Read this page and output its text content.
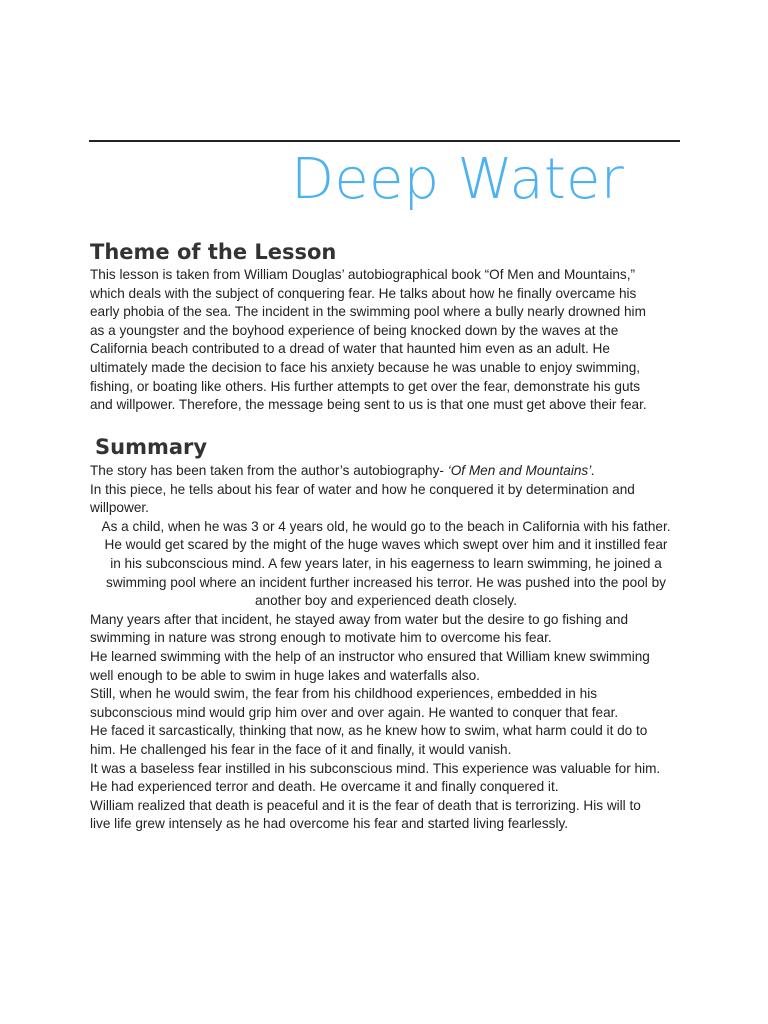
Deep Water
Theme of the Lesson
This lesson is taken from William Douglas’ autobiographical book “Of Men and Mountains,”
which deals with the subject of conquering fear. He talks about how he finally overcame his
early phobia of the sea. The incident in the swimming pool where a bully nearly drowned him
as a youngster and the boyhood experience of being knocked down by the waves at the
California beach contributed to a dread of water that haunted him even as an adult. He
ultimately made the decision to face his anxiety because he was unable to enjoy swimming,
fishing, or boating like others. His further attempts to get over the fear, demonstrate his guts
and willpower. Therefore, the message being sent to us is that one must get above their fear.
Summary
The story has been taken from the author’s autobiography- ‘Of Men and Mountains’.
In this piece, he tells about his fear of water and how he conquered it by determination and
willpower.
As a child, when he was 3 or 4 years old, he would go to the beach in California with his father.
He would get scared by the might of the huge waves which swept over him and it instilled fear
in his subconscious mind. A few years later, in his eagerness to learn swimming, he joined a
swimming pool where an incident further increased his terror. He was pushed into the pool by
another boy and experienced death closely.
Many years after that incident, he stayed away from water but the desire to go fishing and
swimming in nature was strong enough to motivate him to overcome his fear.
He learned swimming with the help of an instructor who ensured that William knew swimming
well enough to be able to swim in huge lakes and waterfalls also.
Still, when he would swim, the fear from his childhood experiences, embedded in his
subconscious mind would grip him over and over again. He wanted to conquer that fear.
He faced it sarcastically, thinking that now, as he knew how to swim, what harm could it do to
him. He challenged his fear in the face of it and finally, it would vanish.
It was a baseless fear instilled in his subconscious mind. This experience was valuable for him.
He had experienced terror and death. He overcame it and finally conquered it.
William realized that death is peaceful and it is the fear of death that is terrorizing. His will to
live life grew intensely as he had overcome his fear and started living fearlessly.
